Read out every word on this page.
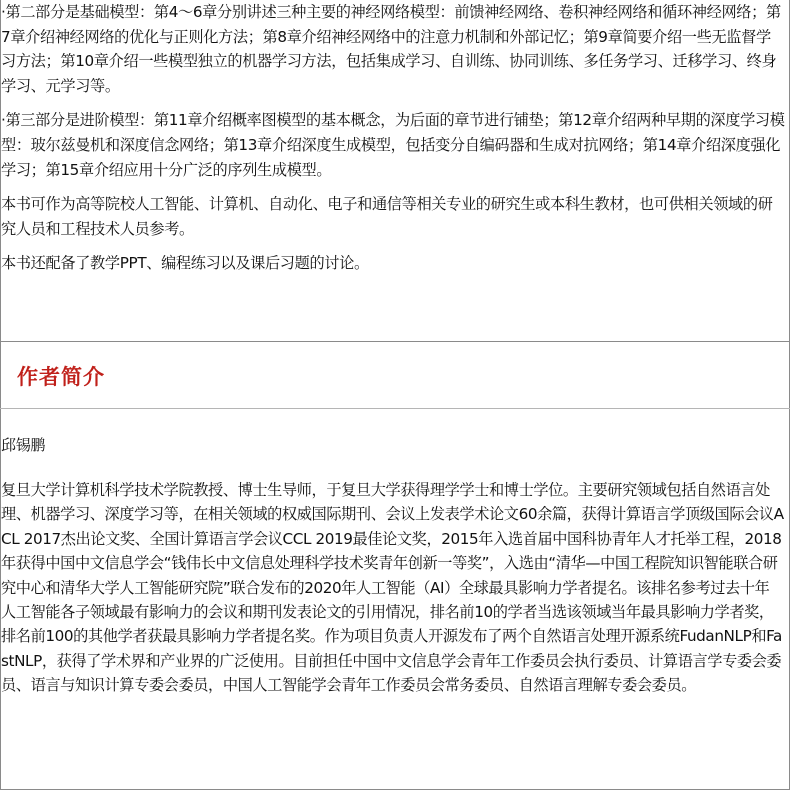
·第二部分是基础模型：第4～6章分别讲述三种主要的神经网络模型：前馈神经网络、卷积神经网络和循环神经网络；第7章介绍神经网络的优化与正则化方法；第8章介绍神经网络中的注意力机制和外部记忆；第9章简要介绍一些无监督学习方法；第10章介绍一些模型独立的机器学习方法，包括集成学习、自训练、协同训练、多任务学习、迁移学习、终身学习、元学习等。

·第三部分是进阶模型：第11章介绍概率图模型的基本概念，为后面的章节进行铺垫；第12章介绍两种早期的深度学习模型：玻尔兹曼机和深度信念网络；第13章介绍深度生成模型，包括变分自编码器和生成对抗网络；第14章介绍深度强化学习；第15章介绍应用十分广泛的序列生成模型。

本书可作为高等院校人工智能、计算机、自动化、电子和通信等相关专业的研究生或本科生教材，也可供相关领域的研究人员和工程技术人员参考。

本书还配备了教学PPT、编程练习以及课后习题的讨论。

作者简介

邱锡鹏

复旦大学计算机科学技术学院教授、博士生导师，于复旦大学获得理学学士和博士学位。主要研究领域包括自然语言处理、机器学习、深度学习等，在相关领域的权威国际期刊、会议上发表学术论文60余篇，获得计算语言学顶级国际会议ACL 2017杰出论文奖、全国计算语言学会议CCL 2019最佳论文奖，2015年入选首届中国科协青年人才托举工程，2018年获得中国中文信息学会“钱伟长中文信息处理科学技术奖青年创新一等奖”，入选由“清华—中国工程院知识智能联合研究中心和清华大学人工智能研究院”联合发布的2020年人工智能（AI）全球最具影响力学者提名。该排名参考过去十年人工智能各子领域最有影响力的会议和期刊发表论文的引用情况，排名前10的学者当选该领域当年最具影响力学者奖，排名前100的其他学者获最具影响力学者提名奖。作为项目负责人开源发布了两个自然语言处理开源系统FudanNLP和FastNLP，获得了学术界和产业界的广泛使用。目前担任中国中文信息学会青年工作委员会执行委员、计算语言学专委会委员、语言与知识计算专委会委员，中国人工智能学会青年工作委员会常务委员、自然语言理解专委会委员。
